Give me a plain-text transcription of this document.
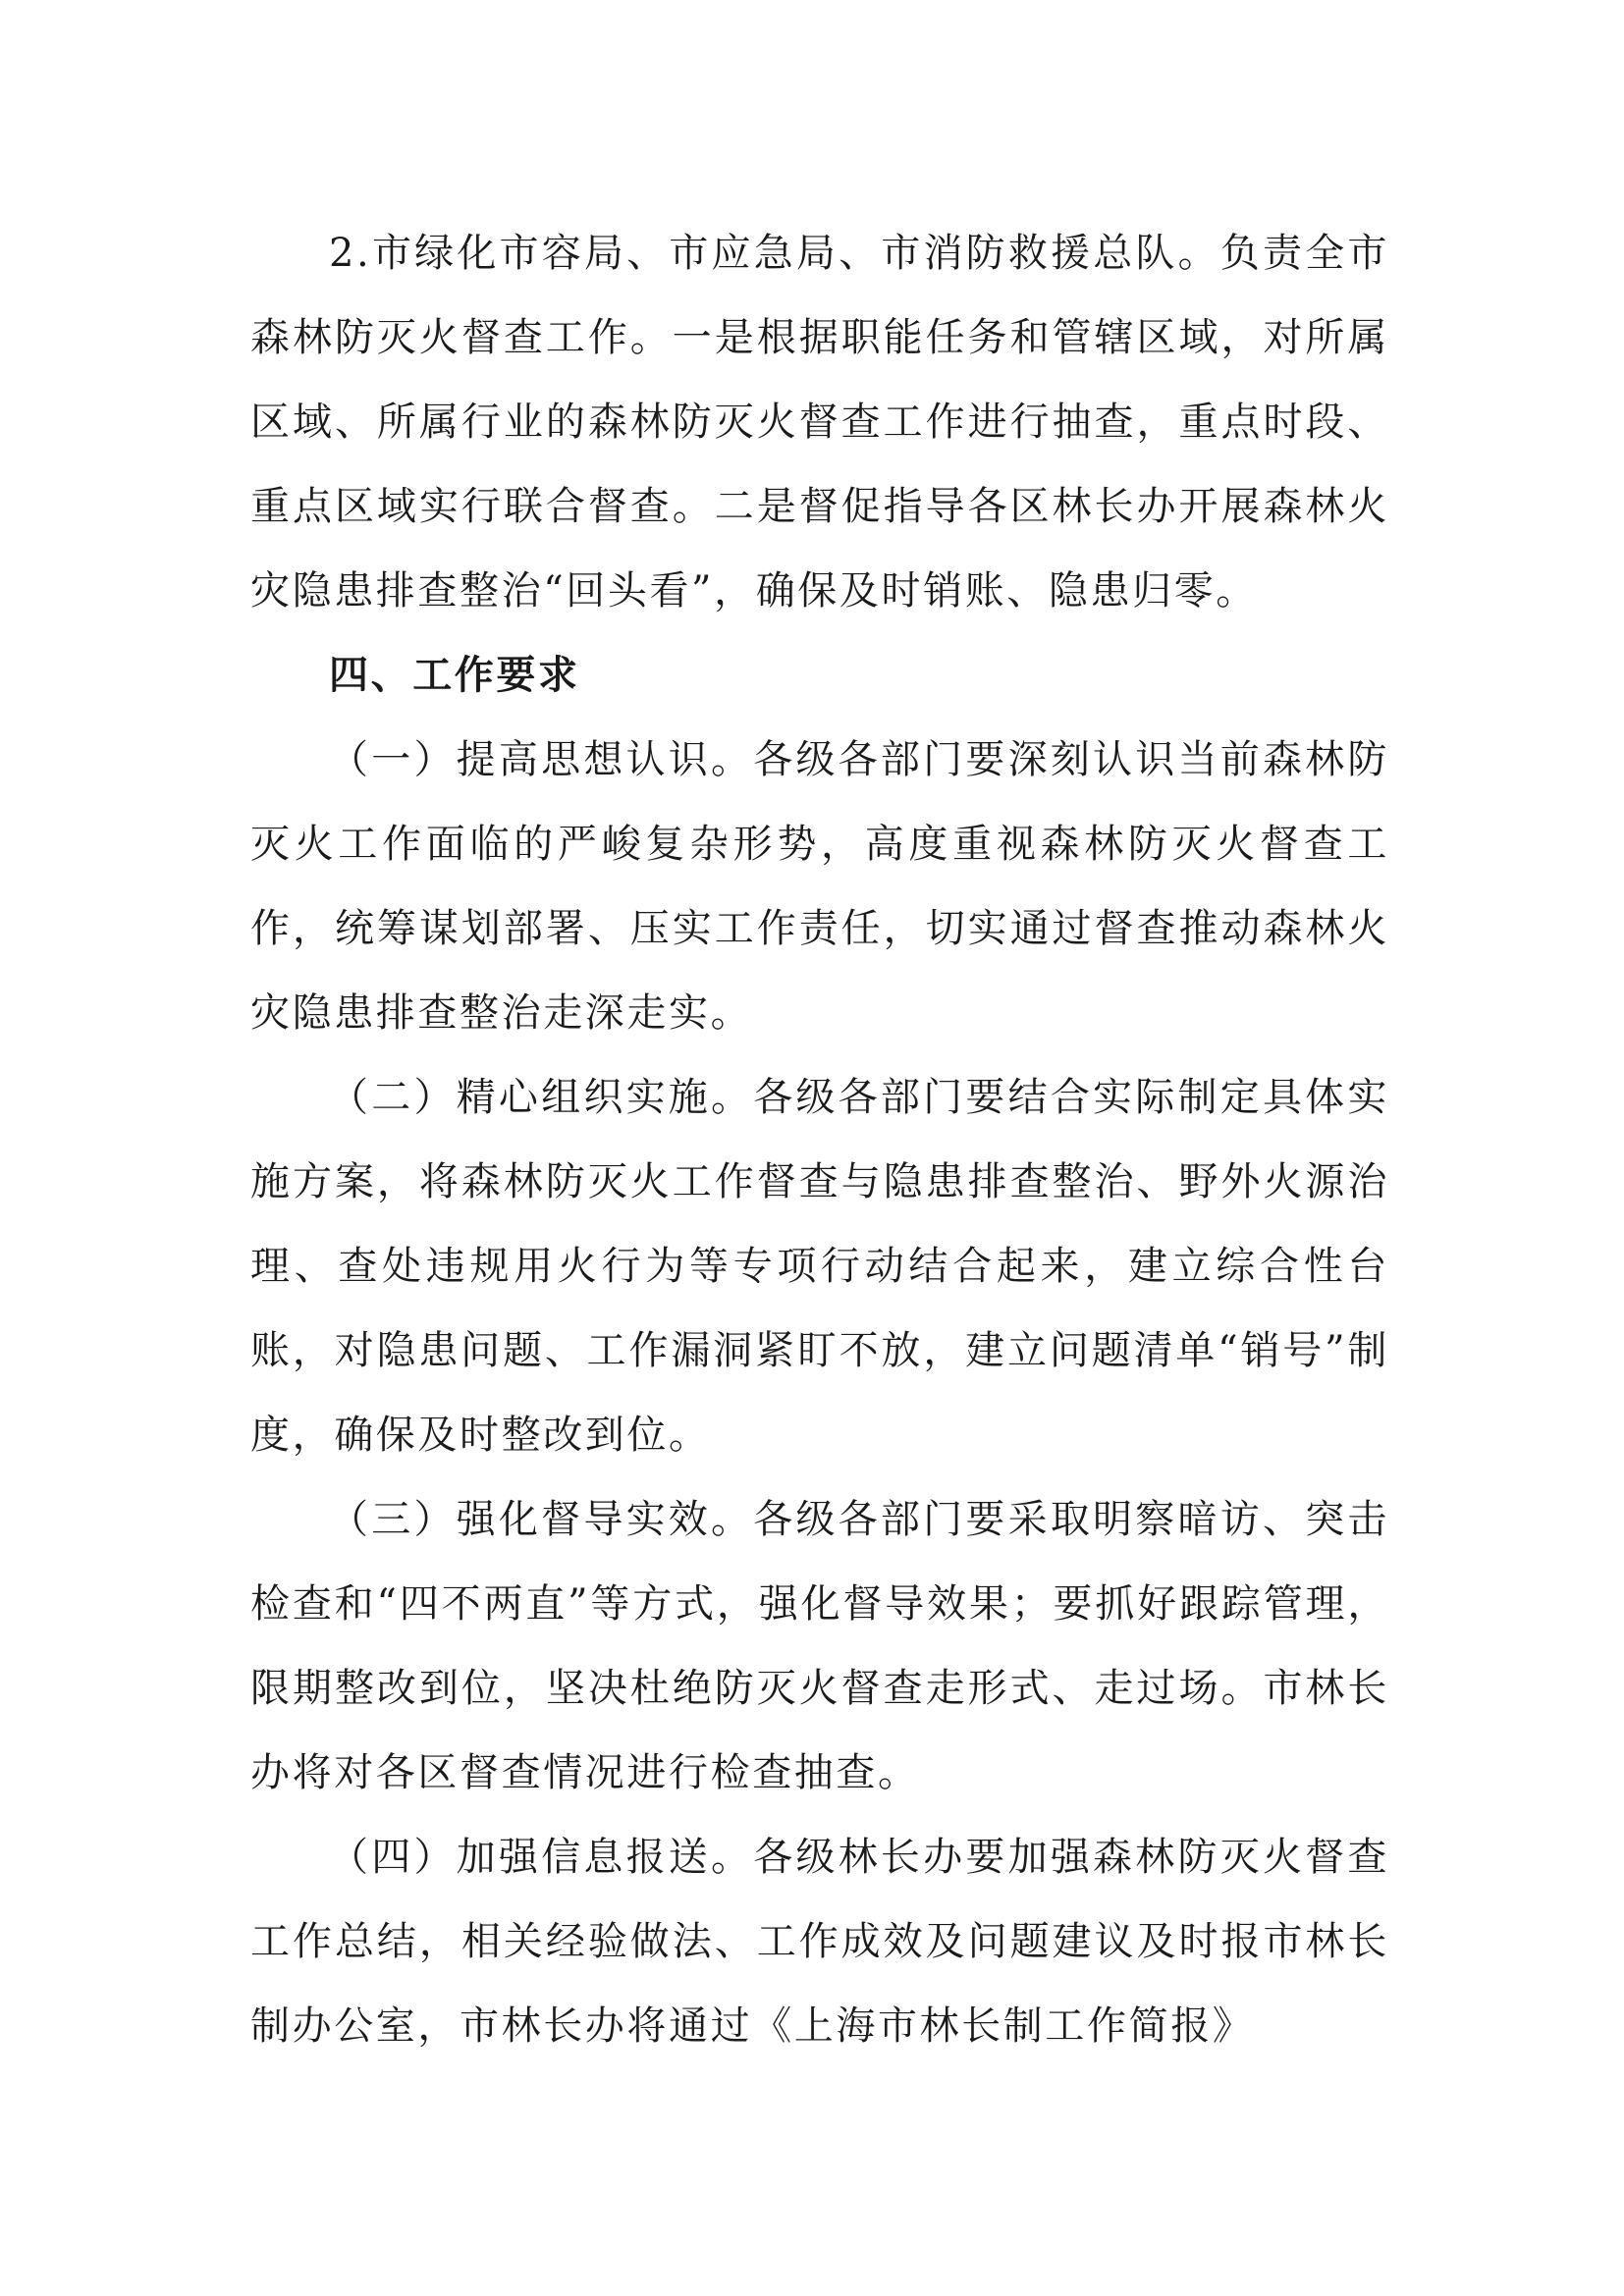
2.市绿化市容局、市应急局、市消防救援总队。负责全市森林防灭火督查工作。一是根据职能任务和管辖区域，对所属区域、所属行业的森林防灭火督查工作进行抽查，重点时段、重点区域实行联合督查。二是督促指导各区林长办开展森林火灾隐患排查整治“回头看”，确保及时销账、隐患归零。

四、工作要求

（一）提高思想认识。各级各部门要深刻认识当前森林防灭火工作面临的严峻复杂形势，高度重视森林防灭火督查工作，统筹谋划部署、压实工作责任，切实通过督查推动森林火灾隐患排查整治走深走实。

（二）精心组织实施。各级各部门要结合实际制定具体实施方案，将森林防灭火工作督查与隐患排查整治、野外火源治理、查处违规用火行为等专项行动结合起来，建立综合性台账，对隐患问题、工作漏洞紧盯不放，建立问题清单“销号”制度，确保及时整改到位。

（三）强化督导实效。各级各部门要采取明察暗访、突击检查和“四不两直”等方式，强化督导效果；要抓好跟踪管理，限期整改到位，坚决杜绝防灭火督查走形式、走过场。市林长办将对各区督查情况进行检查抽查。

（四）加强信息报送。各级林长办要加强森林防灭火督查工作总结，相关经验做法、工作成效及问题建议及时报市林长制办公室，市林长办将通过《上海市林长制工作简报》
